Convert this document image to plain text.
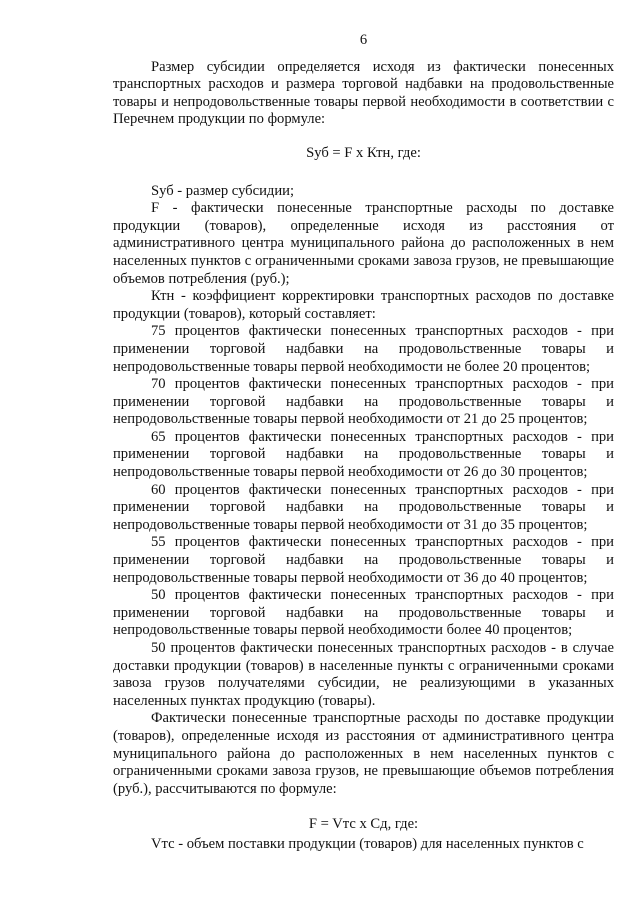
6

Размер субсидии определяется исходя из фактически понесенных транспортных расходов и размера торговой надбавки на продовольственные товары и непродовольственные товары первой необходимости в соответствии с Перечнем продукции по формуле:

Sуб = F х Ктн, где:

Sуб - размер субсидии;

F - фактически понесенные транспортные расходы по доставке продукции (товаров), определенные исходя из расстояния от административного центра муниципального района до расположенных в нем населенных пунктов с ограниченными сроками завоза грузов, не превышающие объемов потребления (руб.);

Ктн - коэффициент корректировки транспортных расходов по доставке продукции (товаров), который составляет:

75 процентов фактически понесенных транспортных расходов - при применении торговой надбавки на продовольственные товары и непродовольственные товары первой необходимости не более 20 процентов;

70 процентов фактически понесенных транспортных расходов - при применении торговой надбавки на продовольственные товары и непродовольственные товары первой необходимости от 21 до 25 процентов;

65 процентов фактически понесенных транспортных расходов - при применении торговой надбавки на продовольственные товары и непродовольственные товары первой необходимости от 26 до 30 процентов;

60 процентов фактически понесенных транспортных расходов - при применении торговой надбавки на продовольственные товары и непродовольственные товары первой необходимости от 31 до 35 процентов;

55 процентов фактически понесенных транспортных расходов - при применении торговой надбавки на продовольственные товары и непродовольственные товары первой необходимости от 36 до 40 процентов;

50 процентов фактически понесенных транспортных расходов - при применении торговой надбавки на продовольственные товары и непродовольственные товары первой необходимости более 40 процентов;

50 процентов фактически понесенных транспортных расходов - в случае доставки продукции (товаров) в населенные пункты с ограниченными сроками завоза грузов получателями субсидии, не реализующими в указанных населенных пунктах продукцию (товары).

Фактически понесенные транспортные расходы по доставке продукции (товаров), определенные исходя из расстояния от административного центра муниципального района до расположенных в нем населенных пунктов с ограниченными сроками завоза грузов, не превышающие объемов потребления (руб.), рассчитываются по формуле:

F = Vтс х Сд, где:

Vтс - объем поставки продукции (товаров) для населенных пунктов с
